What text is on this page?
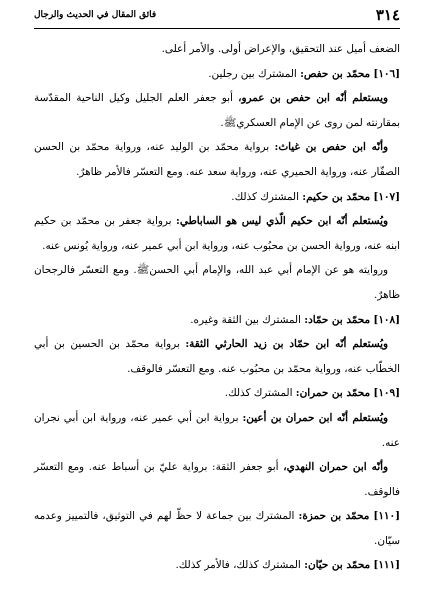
٣١٤
فائق المقال في الحديث والرجال

الضعف أميل عند التحقيق، والإعراض أولى. والأمر أعلى.

[١٠٦] محمّد بن حفص: المشترك بين رجلين.

ويستعلم أنّه ابن حفص بن عمرو، أبو جعفر العلم الجليل وكيل الناحية المقدّسة بمقارنته لمن روى عن الإمام العسكريﷺ.

وأنّه ابن حفص بن غياث: برواية محمّد بن الوليد عنه، ورواية محمّد بن الحسن الصفّار عنه، ورواية الحميري عنه، ورواية سعد عنه. ومع التعسّر فالأمر ظاهرٌ.

[١٠٧] محمّد بن حكيم: المشترك كذلك.

ويُستعلم أنّه ابن حكيم الّذي ليس هو الساباطي: برواية جعفر بن محمّد بن حكيم ابنه عنه، ورواية الحسن بن محبُوب عنه، ورواية ابن أبي عمير عنه، ورواية يُونس عنه.

وروايته هو عن الإمام أبي عبد الله، والإمام أبي الحسنﷺ. ومع التعسّر فالرجحان ظاهرٌ.

[١٠٨] محمّد بن حمّاد: المشترك بين الثقة وغيره.

ويُستعلم أنّه ابن حمّاد بن زيد الحارثي الثقة: برواية محمّد بن الحسين بن أبي الخطّاب عنه، ورواية محمّد بن محبُوب عنه. ومع التعسّر فالوقف.

[١٠٩] محمّد بن حمران: المشترك كذلك.

ويُستعلم أنّه ابن حمران بن أعين: برواية ابن أبي عمير عنه، ورواية ابن أبي نجران عنه.

وأنّه ابن حمران النهدي، أبو جعفر الثقة: برواية عليّ بن أسباط عنه. ومع التعسّر فالوقف.

[١١٠] محمّد بن حمزة: المشترك بين جماعة لا حظّ لهم في التوثيق، فالتمييز وعدمه سيّان.

[١١١] محمّد بن حيّان: المشترك كذلك، فالأمر كذلك.
